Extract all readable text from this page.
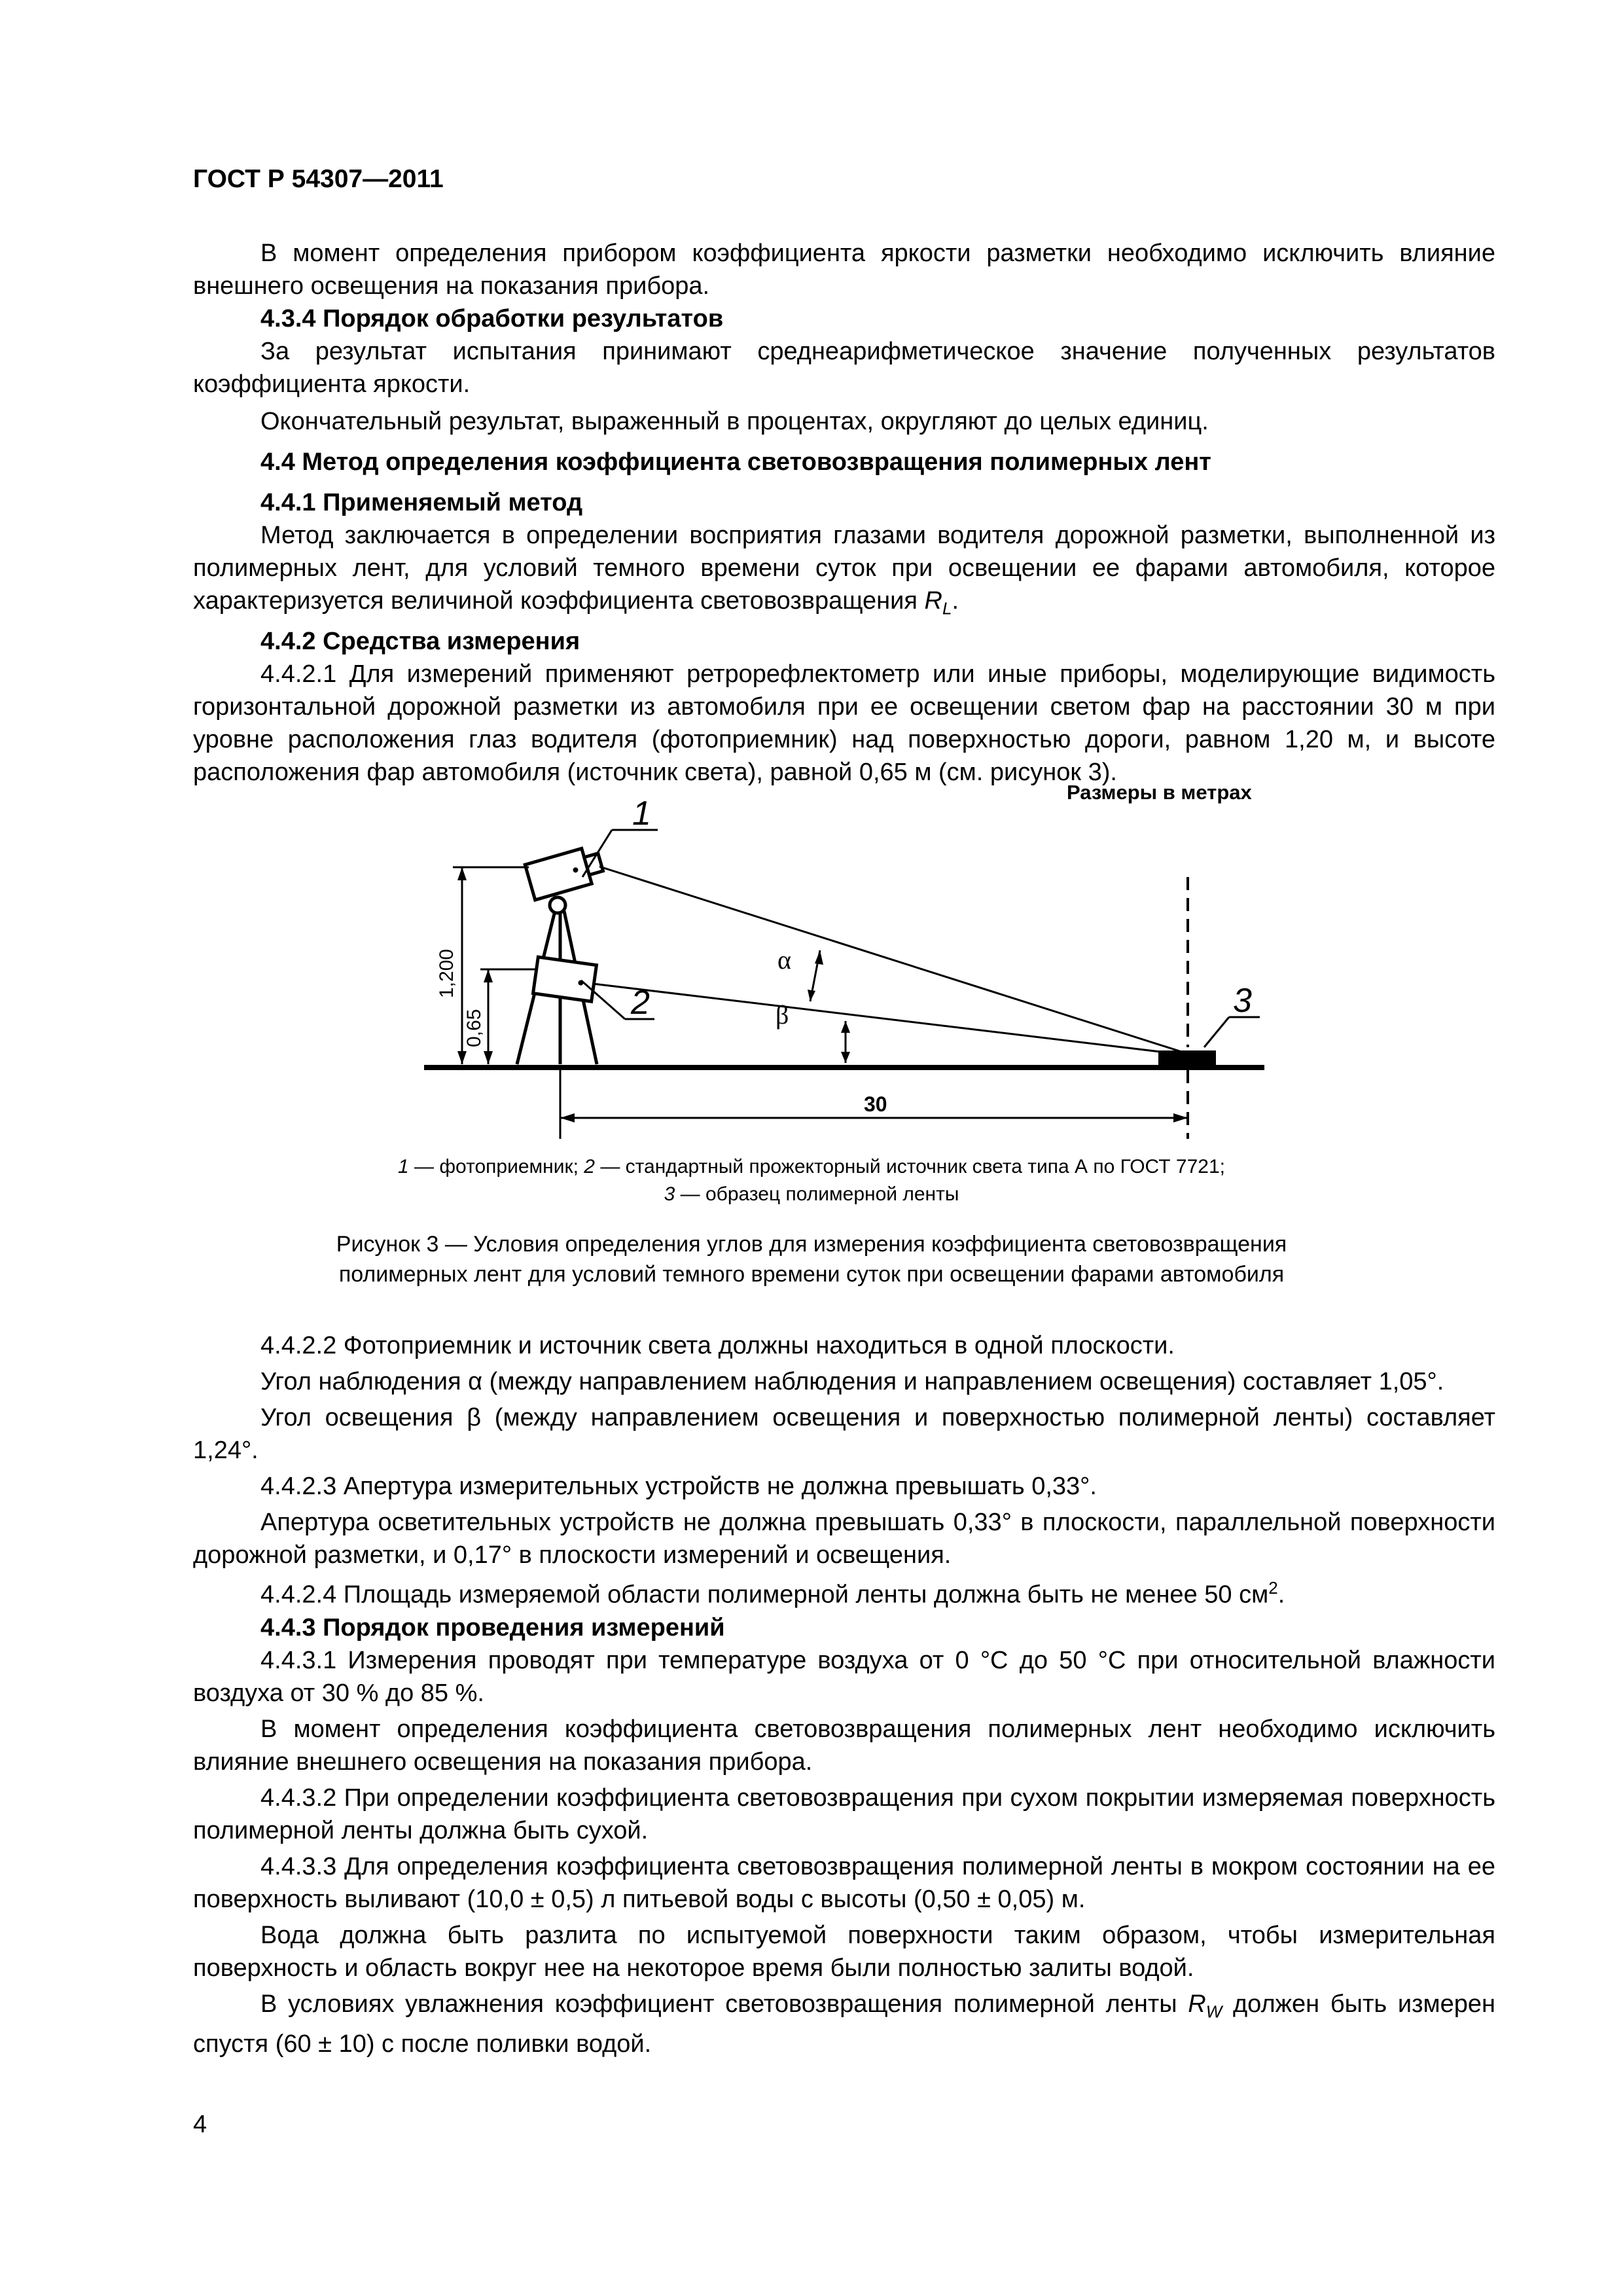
ГОСТ Р 54307—2011

В момент определения прибором коэффициента яркости разметки необходимо исключить влияние внешнего освещения на показания прибора.

4.3.4 Порядок обработки результатов

За результат испытания принимают среднеарифметическое значение полученных результатов коэффициента яркости.

Окончательный результат, выраженный в процентах, округляют до целых единиц.

4.4 Метод определения коэффициента световозвращения полимерных лент

4.4.1 Применяемый метод

Метод заключается в определении восприятия глазами водителя дорожной разметки, выполненной из полимерных лент, для условий темного времени суток при освещении ее фарами автомобиля, которое характеризуется величиной коэффициента световозвращения $R_L$.

4.4.2 Средства измерения

4.4.2.1 Для измерений применяют ретрорефлектометр или иные приборы, моделирующие видимость горизонтальной дорожной разметки из автомобиля при ее освещении светом фар на расстоянии 30 м при уровне расположения глаз водителя (фотоприемник) над поверхностью дороги, равном 1,20 м, и высоте расположения фар автомобиля (источник света), равной 0,65 м (см. рисунок 3).

Размеры в метрах
1
2	3
α
β
1,200
0,65
30
1 — фотоприемник; 2 — стандартный прожекторный источник света типа А по ГОСТ 7721;
3 — образец полимерной ленты
Рисунок 3 — Условия определения углов для измерения коэффициента световозвращения
полимерных лент для условий темного времени суток при освещении фарами автомобиля

4.4.2.2 Фотоприемник и источник света должны находиться в одной плоскости.

Угол наблюдения α (между направлением наблюдения и направлением освещения) составляет 1,05°.

Угол освещения β (между направлением освещения и поверхностью полимерной ленты) составляет 1,24°.

4.4.2.3 Апертура измерительных устройств не должна превышать 0,33°.

Апертура осветительных устройств не должна превышать 0,33° в плоскости, параллельной поверхности дорожной разметки, и 0,17° в плоскости измерений и освещения.

4.4.2.4 Площадь измеряемой области полимерной ленты должна быть не менее 50 $см^2$.

4.4.3 Порядок проведения измерений

4.4.3.1 Измерения проводят при температуре воздуха от 0 °С до 50 °С при относительной влажности воздуха от 30 % до 85 %.

В момент определения коэффициента световозвращения полимерных лент необходимо исключить влияние внешнего освещения на показания прибора.

4.4.3.2 При определении коэффициента световозвращения при сухом покрытии измеряемая поверхность полимерной ленты должна быть сухой.

4.4.3.3 Для определения коэффициента световозвращения полимерной ленты в мокром состоянии на ее поверхность выливают (10,0 ± 0,5) л питьевой воды с высоты (0,50 ± 0,05) м.

Вода должна быть разлита по испытуемой поверхности таким образом, чтобы измерительная поверхность и область вокруг нее на некоторое время были полностью залиты водой.

В условиях увлажнения коэффициент световозвращения полимерной ленты $R_W$ должен быть измерен спустя (60 ± 10) с после поливки водой.

4
